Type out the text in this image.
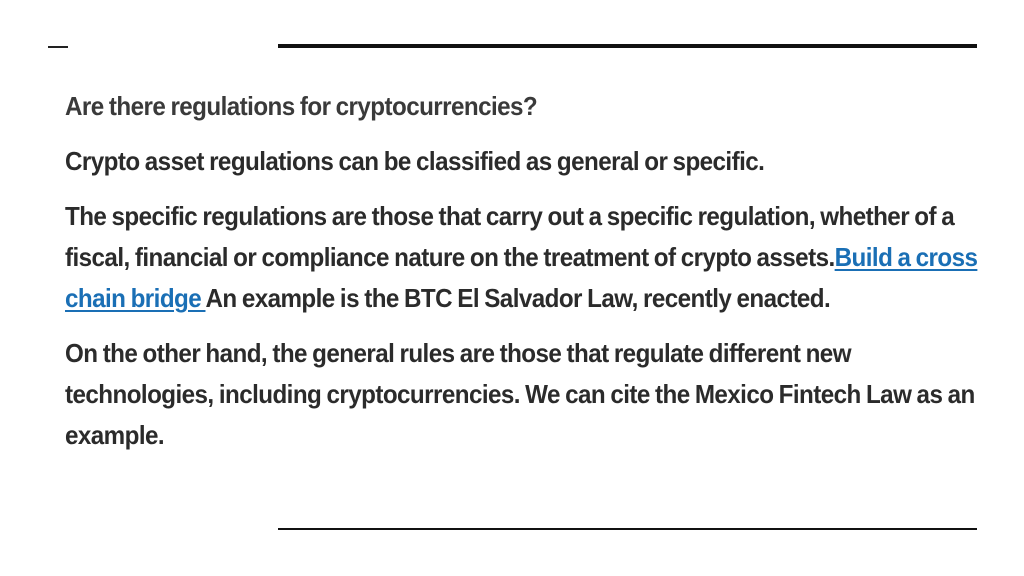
Are there regulations for cryptocurrencies?

Crypto asset regulations can be classified as general or specific.

The specific regulations are those that carry out a specific regulation, whether of a fiscal, financial or compliance nature on the treatment of crypto assets.Build a cross chain bridge An example is the BTC El Salvador Law, recently enacted.

On the other hand, the general rules are those that regulate different new technologies, including cryptocurrencies. We can cite the Mexico Fintech Law as an example.
